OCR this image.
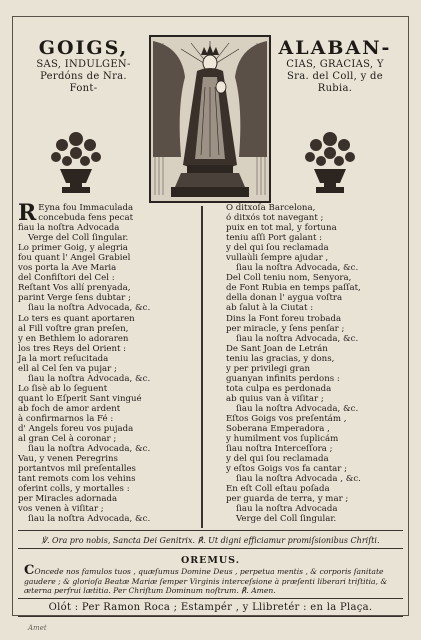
GOIGS,
SAS, INDULGEN-
Perdóns de Nra.
Font-
ALABAN-
CIAS, GRACIAS, Y
Sra. del Coll, y de
Rubia.
R Eyna fou Immaculada
concebuda fens pecat
fiau la noſtra Advocada
Verge del Coll ſingular.
Lo primer Goig, y alegria
fou quant l' Angel Grabiel
vos porta la Ave Maria
del Confiſtori del Cel :
Reſtant Vos allí prenyada,
parint Verge ſens dubtar ;
ſiau la noſtra Advocada, &c.
Lo ters es quant aportaren
al Fill voſtre gran preſen,
y en Bethlem lo adoraren
los tres Reys del Orient :
Ja la mort reſucitada
ell al Cel ſen va pujar ;
ſiau la noſtra Advocada, &c.
Lo ſisè ab lo ſeguent
quant lo Eſperit Sant vingué
ab foch de amor ardent
à confirmarnos la Fé :
d' Angels foreu vos pujada
al gran Cel à coronar ;
ſiau la noſtra Advocada, &c.
Vau, y venen Peregrins
portantvos mil preſentalles
tant remots com los vehins
oferint colls, y mortalles :
per Miracles adornada
vos venen à viſitar ;
ſiau la noſtra Advocada, &c.
O ditxoſa Barcelona,
ó ditxós tot navegant ;
puix en tot mal, y fortuna
teniu aſſi Port galant :
y del qui ſou reclamada
vullaùli ſempre ajudar ,
ſiau la noſtra Advocada, &c.
Del Coll teniu nom, Senyora,
de Font Rubia en temps paſſat,
della donan l' ayguа voſtra
ab ſalut à la Ciutat :
Dins la Font foreu trobada
per miracle, y ſens penſar ;
ſiau la noſtra Advocada, &c.
De Sant Joan de Letrán
teniu las gracias, y dons,
y per privilegi gran
guanyan infinits perdons :
tota culpa es perdonada
ab quius van à viſitar ;
ſiau la noſtra Advocada, &c.
Eſtos Goigs vos preſentám ,
Soberana Emperadora ,
y humilment vos ſuplicám
ſiau noſtra Interceſſora ;
y del qui ſou reclamada
y eſtos Goigs vos fa cantar ;
ſiau la noſtra Advocada , &c.
En eſt Coll eſtau poſada
per guarda de terra, y mar ;
ſiau la noſtra Advocada
Verge del Coll ſingular.
℣. Ora pro nobis, Sancta Dei Genitrix. ℟. Ut digni efficiamur promiſsionibus Chriſti.
OREMUS.
COncede nos famulos tuos , quæſumus Domine Deus , perpetua mentis , & corporis ſanitate gaudere ; & glorioſa Beatæ Mariæ ſemper Virginis interceſsione à præſenti liberari triſtitia, & æterna perfrui lætitia. Per Chriſtum Dominum noſtrum. ℟. Amen.
Olót : Per Ramon Roca ; Estampér , y Llibretér : en la Plaça.
Amet
